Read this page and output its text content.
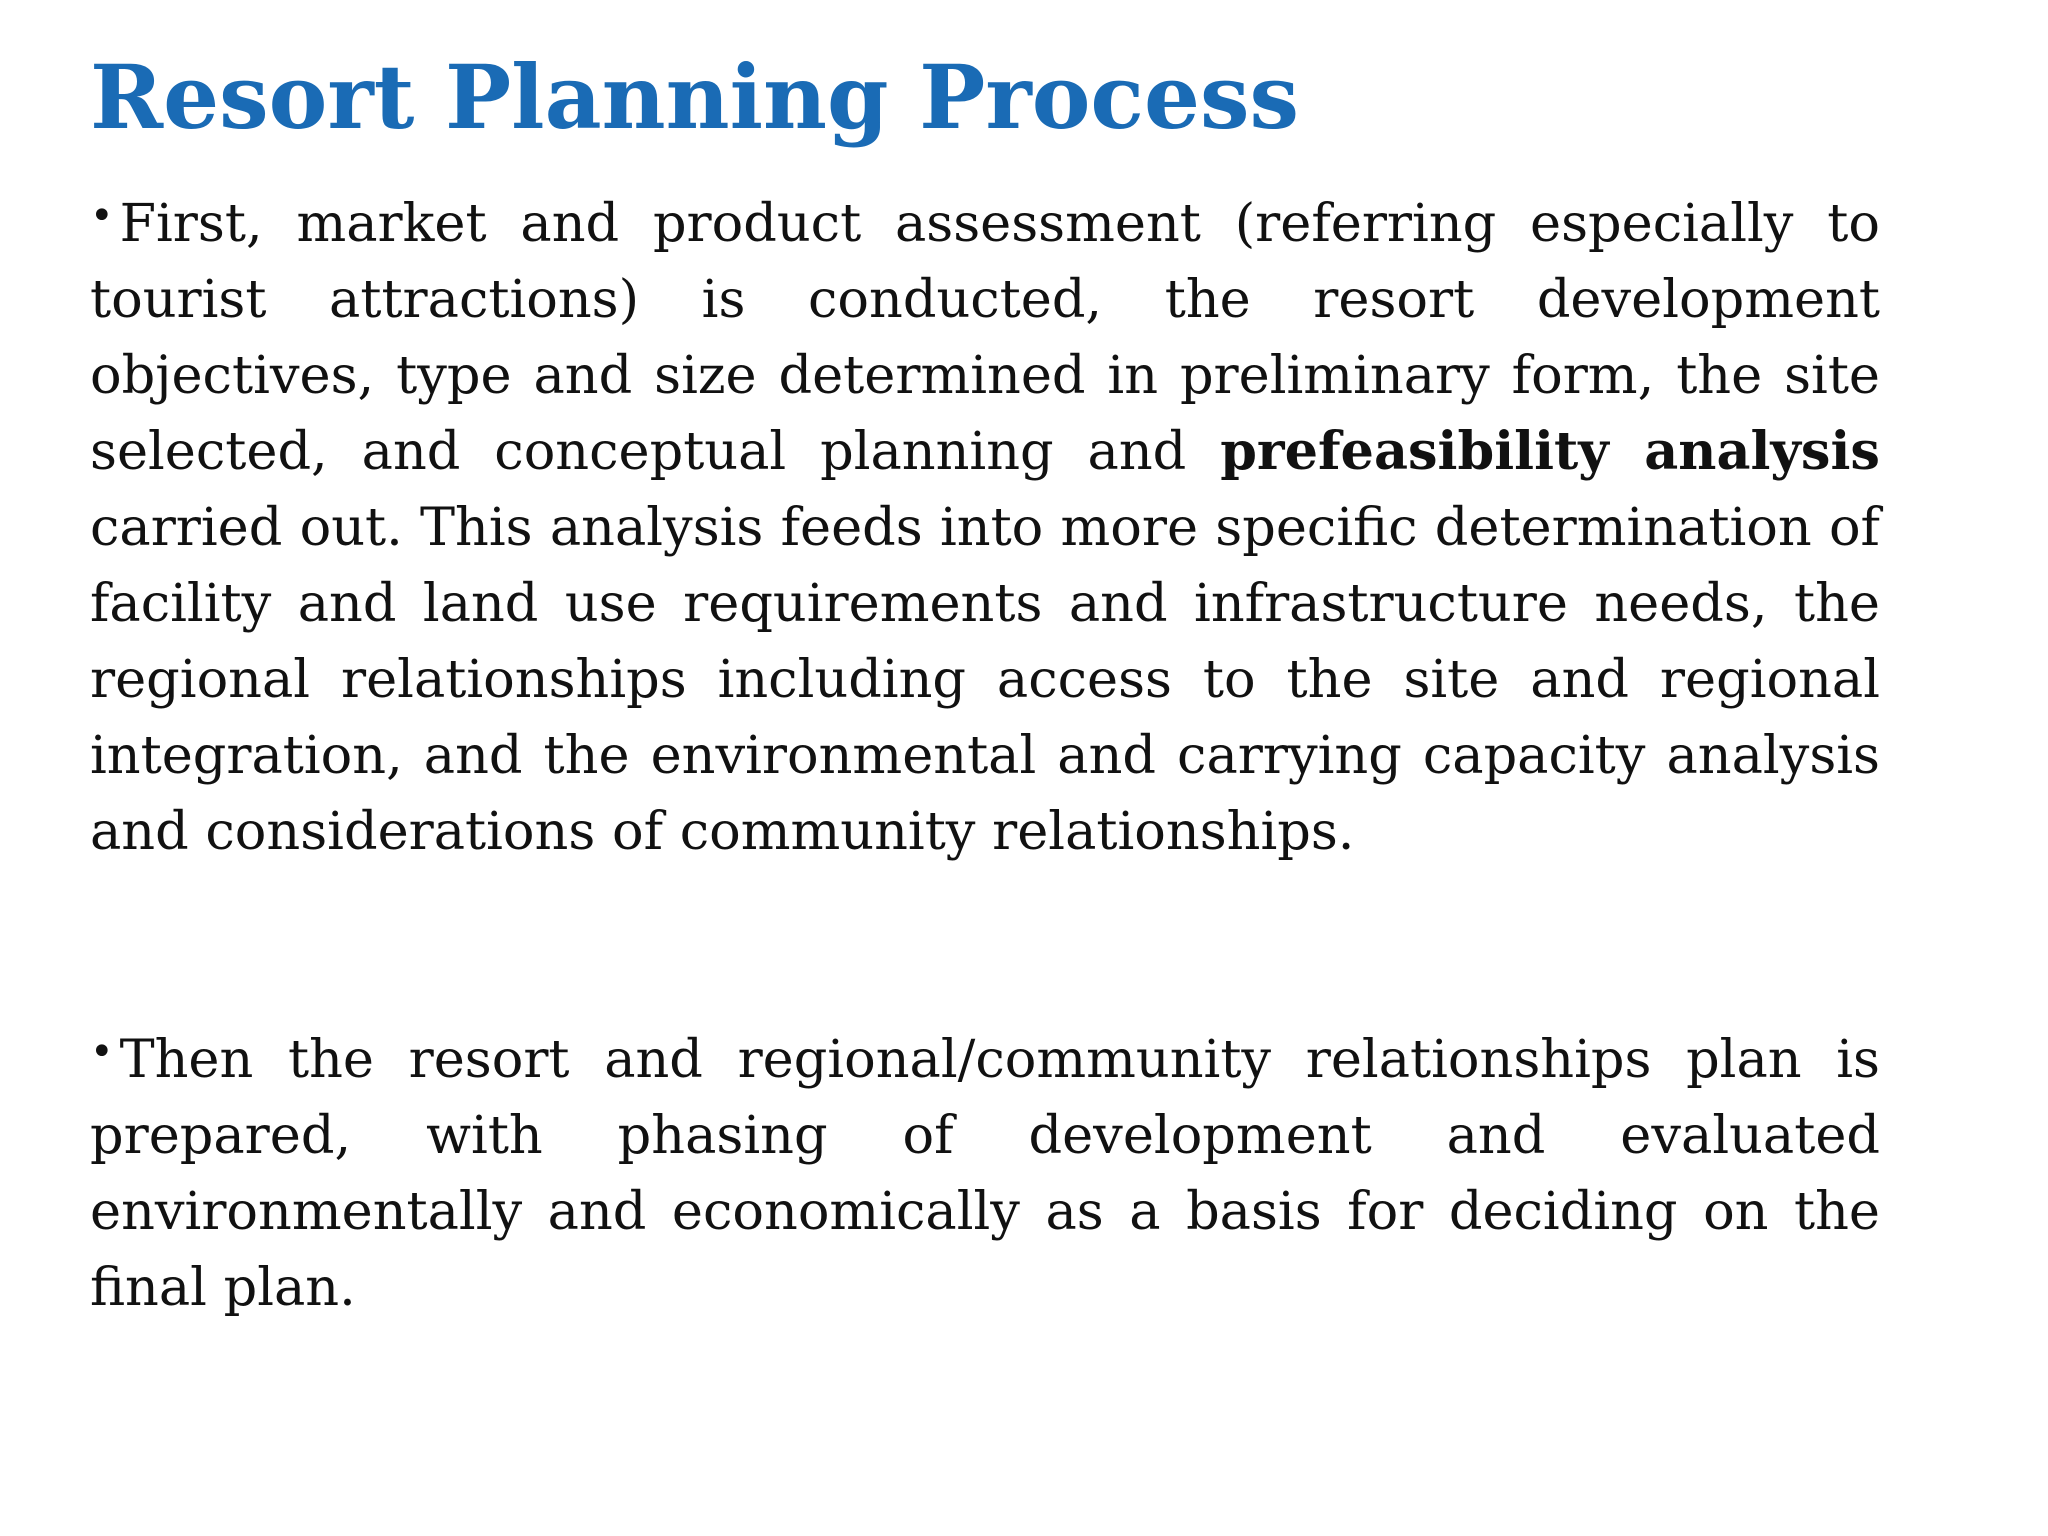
Resort Planning Process

• First, market and product assessment (referring especially to tourist attractions) is conducted, the resort development objectives, type and size determined in preliminary form, the site selected, and conceptual planning and prefeasibility analysis carried out. This analysis feeds into more specific determination of facility and land use requirements and infrastructure needs, the regional relationships including access to the site and regional integration, and the environmental and carrying capacity analysis and considerations of community relationships.

• Then the resort and regional/community relationships plan is prepared, with phasing of development and evaluated environmentally and economically as a basis for deciding on the final plan.
